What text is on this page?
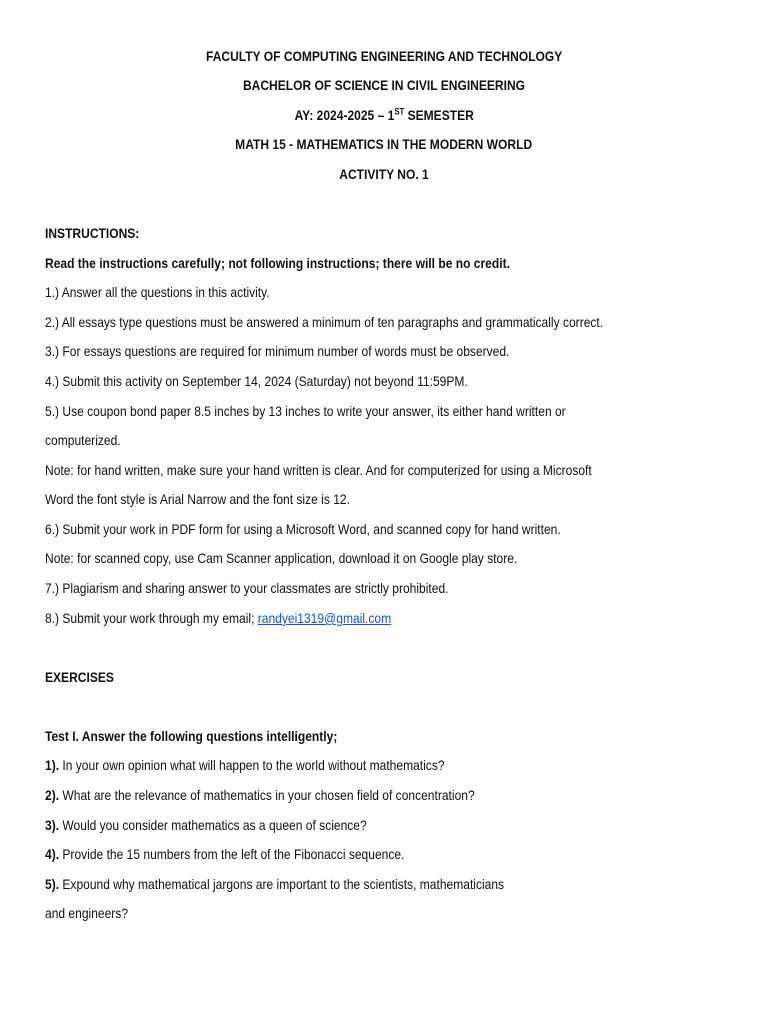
FACULTY OF COMPUTING ENGINEERING AND TECHNOLOGY
BACHELOR OF SCIENCE IN CIVIL ENGINEERING
AY: 2024-2025 – 1ST SEMESTER
MATH 15 - MATHEMATICS IN THE MODERN WORLD
ACTIVITY NO. 1
INSTRUCTIONS:
Read the instructions carefully; not following instructions; there will be no credit.
1.) Answer all the questions in this activity.
2.) All essays type questions must be answered a minimum of ten paragraphs and grammatically correct.
3.) For essays questions are required for minimum number of words must be observed.
4.) Submit this activity on September 14, 2024 (Saturday) not beyond 11:59PM.
5.) Use coupon bond paper 8.5 inches by 13 inches to write your answer, its either hand written or
computerized.
Note: for hand written, make sure your hand written is clear. And for computerized for using a Microsoft
Word the font style is Arial Narrow and the font size is 12.
6.) Submit your work in PDF form for using a Microsoft Word, and scanned copy for hand written.
Note: for scanned copy, use Cam Scanner application, download it on Google play store.
7.) Plagiarism and sharing answer to your classmates are strictly prohibited.
8.) Submit your work through my email; randyei1319@gmail.com
EXERCISES
Test I. Answer the following questions intelligently;
1). In your own opinion what will happen to the world without mathematics?
2). What are the relevance of mathematics in your chosen field of concentration?
3). Would you consider mathematics as a queen of science?
4). Provide the 15 numbers from the left of the Fibonacci sequence.
5). Expound why mathematical jargons are important to the scientists, mathematicians
and engineers?
